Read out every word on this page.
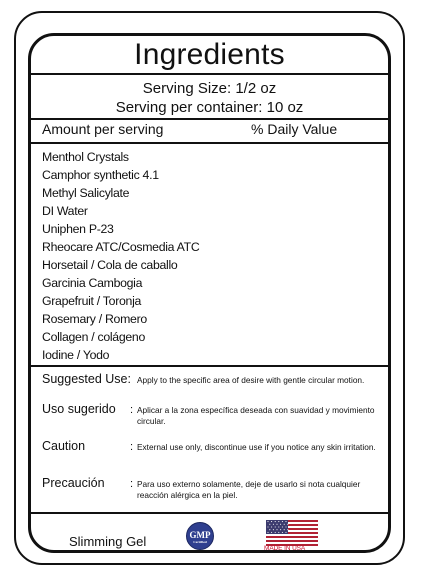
Ingredients
Serving Size: 1/2 oz
Serving per container: 10 oz
Amount per serving	% Daily Value
Menthol Crystals
Camphor synthetic 4.1
Methyl Salicylate
DI Water
Uniphen P-23
Rheocare ATC/Cosmedia ATC
Horsetail / Cola de caballo
Garcinia Cambogia
Grapefruit / Toronja
Rosemary / Romero
Collagen / colágeno
Iodine / Yodo
Suggested Use: Apply to the specific area of desire with gentle circular motion.
Uso sugerido : Aplicar a la zona específica deseada con suavidad y movimiento circular.
Caution	: External use only, discontinue use if you notice any skin irritation.
Precaución : Para uso externo solamente, deje de usarlo si nota cualquier reacción alérgica en la piel.
Slimming Gel	GMP
Certified
MADE IN USA
